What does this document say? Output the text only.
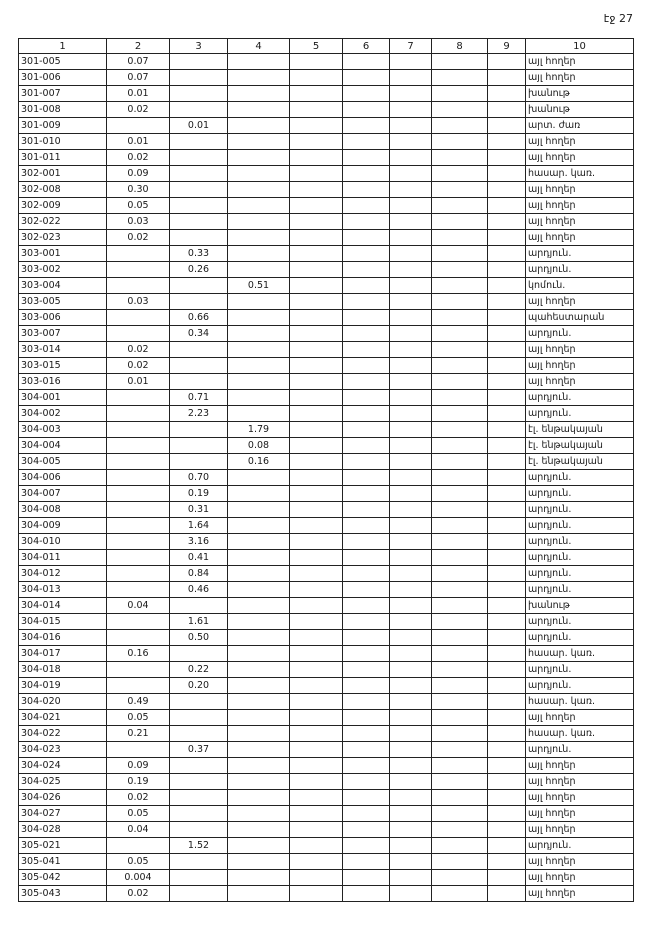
էջ 27
1	2	3	4	5	6	7	8	9	10
301-005	0.07								այլ հողեր
301-006	0.07								այլ հողեր
301-007	0.01								խանութ
301-008	0.02								խանութ
301-009		0.01							արտ. ժառ
301-010	0.01								այլ հողեր
301-011	0.02								այլ հողեր
302-001	0.09								հասար. կառ.
302-008	0.30								այլ հողեր
302-009	0.05								այլ հողեր
302-022	0.03								այլ հողեր
302-023	0.02								այլ հողեր
303-001		0.33							արդյուն.
303-002		0.26							արդյուն.
303-004			0.51						կոմուն.
303-005	0.03								այլ հողեր
303-006		0.66							պահեստարան
303-007		0.34							արդյուն.
303-014	0.02								այլ հողեր
303-015	0.02								այլ հողեր
303-016	0.01								այլ հողեր
304-001		0.71							արդյուն.
304-002		2.23							արդյուն.
304-003			1.79						էլ. ենթակայան
304-004			0.08						էլ. ենթակայան
304-005			0.16						էլ. ենթակայան
304-006		0.70							արդյուն.
304-007		0.19							արդյուն.
304-008		0.31							արդյուն.
304-009		1.64							արդյուն.
304-010		3.16							արդյուն.
304-011		0.41							արդյուն.
304-012		0.84							արդյուն.
304-013		0.46							արդյուն.
304-014	0.04								խանութ
304-015		1.61							արդյուն.
304-016		0.50							արդյուն.
304-017	0.16								հասար. կառ.
304-018		0.22							արդյուն.
304-019		0.20							արդյուն.
304-020	0.49								հասար. կառ.
304-021	0.05								այլ հողեր
304-022	0.21								հասար. կառ.
304-023		0.37							արդյուն.
304-024	0.09								այլ հողեր
304-025	0.19								այլ հողեր
304-026	0.02								այլ հողեր
304-027	0.05								այլ հողեր
304-028	0.04								այլ հողեր
305-021		1.52							արդյուն.
305-041	0.05								այլ հողեր
305-042	0.004								այլ հողեր
305-043	0.02								այլ հողեր
